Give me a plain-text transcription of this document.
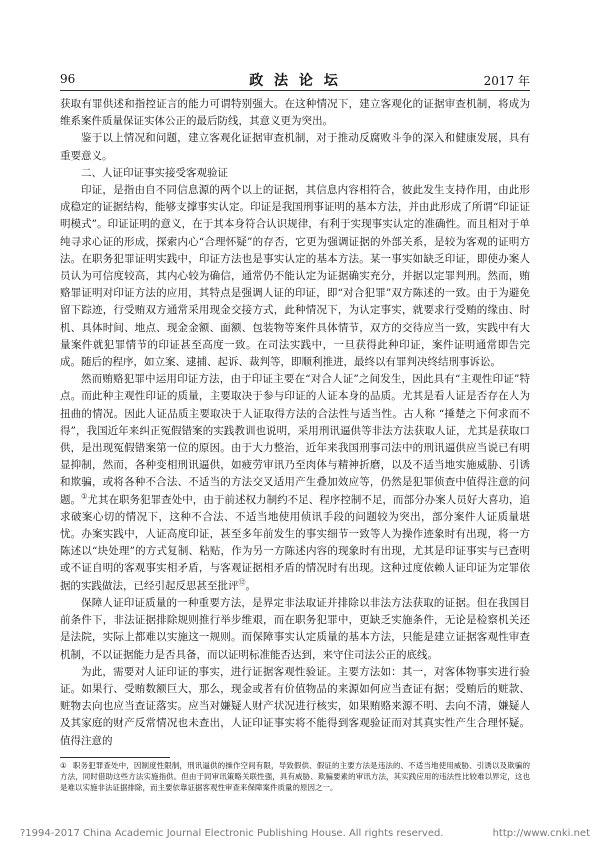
96	政 法 论 坛	2017 年

获取有罪供述和指控证言的能力可谓特别强大。在这种情况下，建立客观化的证据审查机制，将成为维系案件质量保证实体公正的最后防线，其意义更为突出。

鉴于以上情况和问题，建立客观化证据审查机制，对于推动反腐败斗争的深入和健康发展，具有重要意义。

二、人证印证事实接受客观验证

印证，是指由自不同信息源的两个以上的证据，其信息内容相符合，彼此发生支持作用，由此形成稳定的证据结构，能够支撑事实认定。印证是我国刑事证明的基本方法，并由此形成了所谓“印证证明模式”。印证证明的意义，在于其本身符合认识规律，有利于实现事实认定的准确性。而且相对于单纯寻求心证的形成，探索内心“合理怀疑”的存否，它更为强调证据的外部关系，是较为客观的证明方法。在职务犯罪证明实践中，印证方法也是事实认定的基本方法。某一事实如缺乏印证，即使办案人员认为可信度较高，其内心较为确信，通常仍不能认定为证据确实充分，并据以定罪判刑。然而，贿赂罪证明对印证方法的应用，其特点是强调人证的印证，即“对合犯罪”双方陈述的一致。由于为避免留下踪迹，行受贿双方通常采用现金交接方式，此种情况下，为认定事实，就要求行受贿的缘由、时机、具体时间、地点、现金金额、面额、包装物等案件具体情节，双方的交待应当一致，实践中有大量案件就犯罪情节的印证甚至高度一致。在司法实践中，一旦获得此种印证，案件证明通常即告完成。随后的程序，如立案、逮捕、起诉、裁判等，即顺利推进，最终以有罪判决终结刑事诉讼。

然而贿赂犯罪中运用印证方法，由于印证主要在“对合人证”之间发生，因此具有“主观性印证”特点。而此种主观性印证的质量，主要取决于参与印证的人证本身的品质。尤其是看人证是否存在人为扭曲的情况。因此人证品质主要取决于人证取得方法的合法性与适当性。古人称 “捶楚之下何求而不得”，我国近年来纠正冤假错案的实践教训也说明，采用刑讯逼供等非法方法获取人证，尤其是获取口供，是出现冤假错案第一位的原因。由于大力整治，近年来我国刑事司法中的刑讯逼供应当说已有明显抑制，然而，各种变相刑讯逼供，如疲劳审讯乃至肉体与精神折磨，以及不适当地实施威胁、引诱和欺骗，或将各种不合法、不适当的方法交叉适用产生叠加效应等，仍然是犯罪侦查中值得注意的问题。①尤其在职务犯罪查处中，由于前述权力制约不足、程序控制不足，而部分办案人员好大喜功，追求破案心切的情况下，这种不合法、不适当地使用侦讯手段的问题较为突出，部分案件人证质量堪忧。办案实践中，人证高度印证，甚至多年前发生的事实细节一致等人为操作迹象时有出现，将一方陈述以“块处理”的方式复制、粘贴，作为另一方陈述内容的现象时有出现，尤其是印证事实与已查明或不证自明的客观事实相矛盾，与客观证据相矛盾的情况时有出现。这种过度依赖人证印证为定罪依据的实践做法，已经引起反思甚至批评⑫。

保障人证印证质量的一种重要方法，是界定非法取证并排除以非法方法获取的证据。但在我国目前条件下，非法证据排除规则推行举步维艰，而在职务犯罪中，更缺乏实施条件，无论是检察机关还是法院，实际上都难以实施这一规则。而保障事实认定质量的基本方法，只能是建立证据客观性审查机制，不以证据能力是否具备，而以证明标准能否达到，来守住司法公正的底线。

为此，需要对人证印证的事实，进行证据客观性验证。主要方法如：其一，对客体物事实进行验证。如果行、受贿数额巨大，那么，现金或者有价值物品的来源如何应当查证有据；受贿后的赃款、赃物去向也应当查证落实。应当对嫌疑人财产状况进行核实，如果贿赂来源不明、去向不清，嫌疑人及其家庭的财产反常情况也未查出，人证印证事实将不能得到客观验证而对其真实性产生合理怀疑。值得注意的

① 职务犯罪查处中，因制度性限制，刑讯逼供的操作空间有限，导致假供、假证的主要方法是违法的、不适当地使用威胁、引诱以及欺骗的方法，同时借助这些方法实施指供。但由于同审讯策略关联性强，具有威胁、欺骗要素的审讯方法，其实践应用的违法性比较难以界定，这也是难以实施非法证据排除，而主要依靠证据客观性审查来保障案件质量的原因之一。
?1994-2017 China Academic Journal Electronic Publishing House. All rights reserved.	http://www.cnki.net
